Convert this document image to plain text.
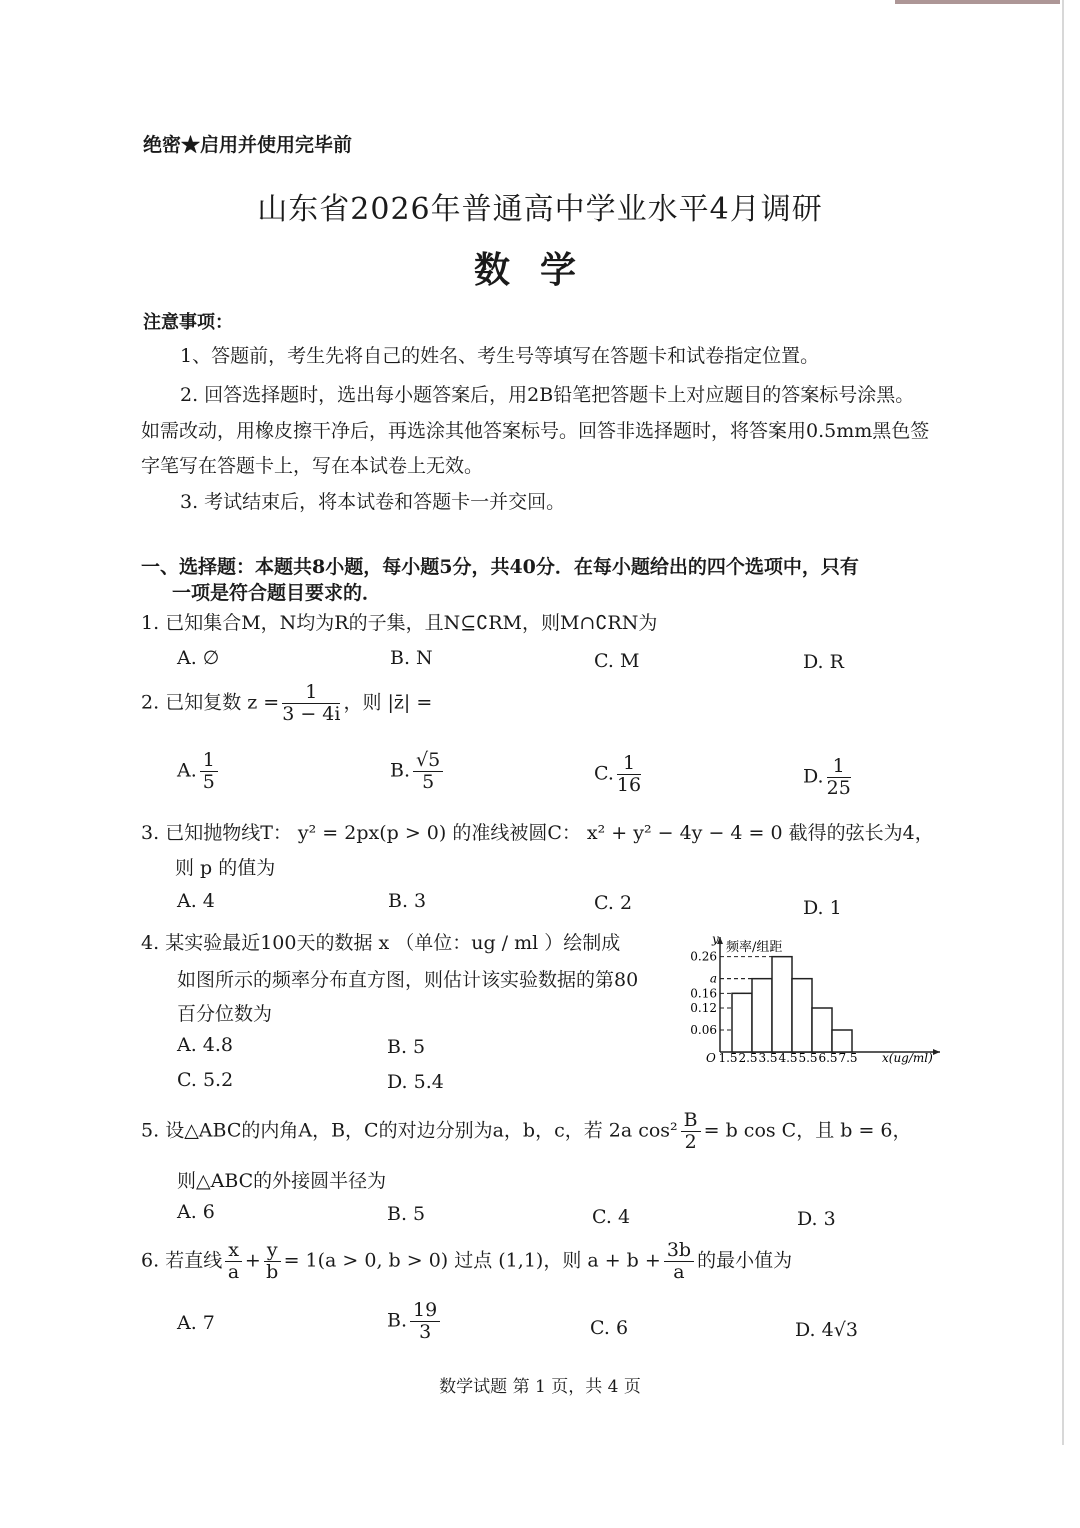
绝密★启用并使用完毕前
山东省2026年普通高中学业水平4月调研
数学
注意事项：
1、答题前，考生先将自己的姓名、考生号等填写在答题卡和试卷指定位置。
2. 回答选择题时，选出每小题答案后，用2B铅笔把答题卡上对应题目的答案标号涂黑。
如需改动，用橡皮擦干净后，再选涂其他答案标号。回答非选择题时，将答案用0.5mm黑色签
字笔写在答题卡上，写在本试卷上无效。
3. 考试结束后，将本试卷和答题卡一并交回。
一、选择题：本题共8小题，每小题5分，共40分．在每小题给出的四个选项中，只有
一项是符合题目要求的．
1. 已知集合M，N均为R的子集，且N⊆∁RM，则M∩∁RN为
A. ∅	B. N	C. M	D. R
2. 已知复数 $z = \frac{1}{3 - 4i}$ ，则 |z̄| =
A. $\frac{1}{5}$	B. $\frac{√5}{5}$	C. $\frac{1}{16}$	D. $\frac{1}{25}$
3. 已知抛物线T： y² = 2px(p > 0) 的准线被圆C： x² + y² − 4y − 4 = 0 截得的弦长为4，
则 p 的值为
A. 4	B. 3	C. 2	D. 1
4. 某实验最近100天的数据 x （单位：ug / ml ）绘制成
如图所示的频率分布直方图，则估计该实验数据的第80
百分位数为
A. 4.8	B. 5
C. 5.2	D. 5.4
y
频率/组距
O	x(ug/ml)
0.26
a
0.16
0.12
0.06
1.5 2.5 3.5 4.5 5.5 6.5 7.5
5. 设△ABC的内角A，B，C的对边分别为a，b，c，若 2a $\cos^2 \frac{B}{2} = b$ cos C，且 b = 6，
则△ABC的外接圆半径为
A. 6	B. 5	C. 4	D. 3
6. 若直线 $\frac{x}{a} + \frac{y}{b} = 1(a > 0$, b > 0) 过点 (1,1)，则 $a + b + \frac{3b}{a}$ 的最小值为
A. 7	B. $\frac{19}{3}$	C. 6	D. 4√3
数学试题 第 1 页，共 4 页
